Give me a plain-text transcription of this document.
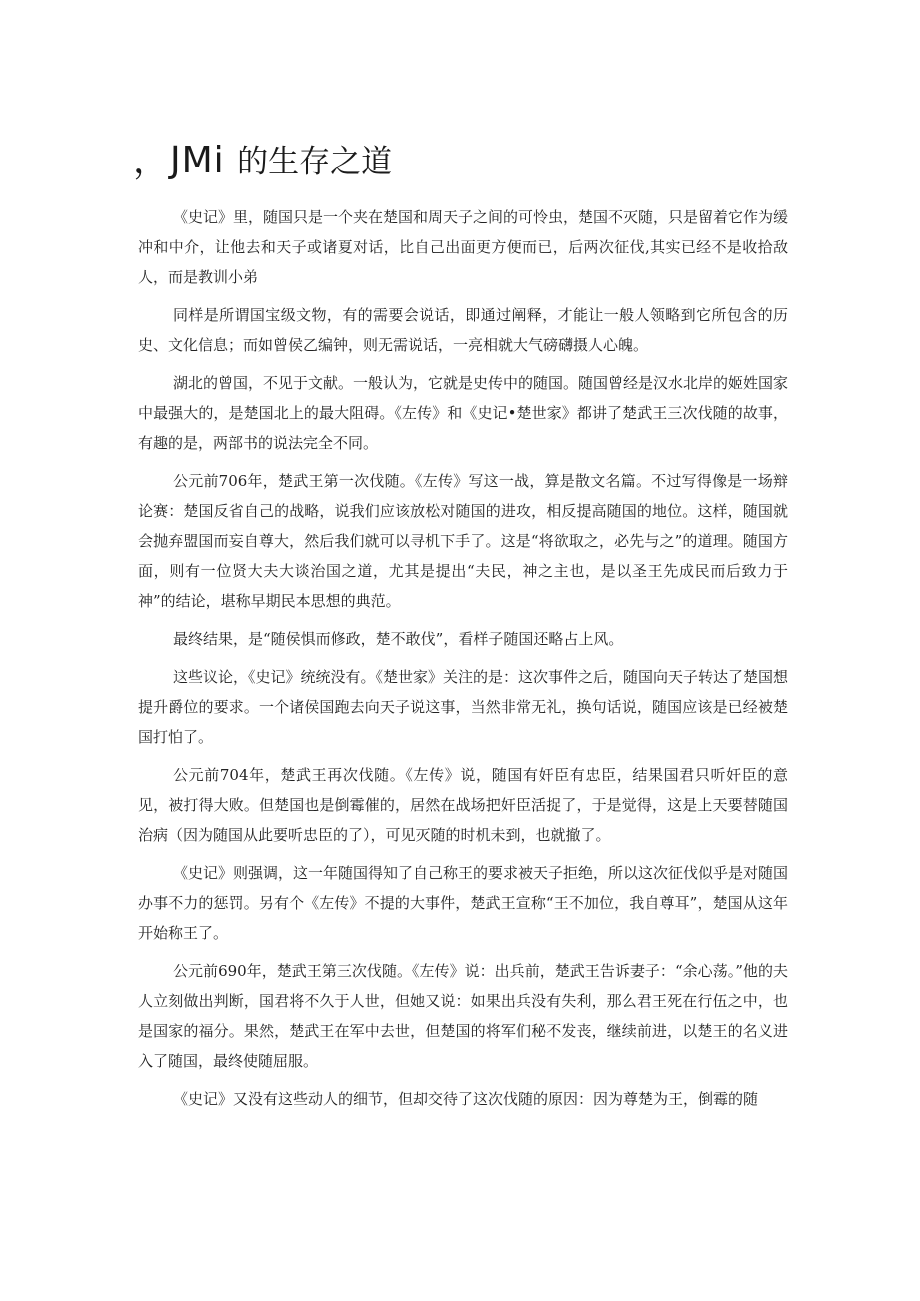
，JMi 的生存之道

《史记》里，随国只是一个夹在楚国和周天子之间的可怜虫，楚国不灭随，只是留着它作为缓冲和中介，让他去和天子或诸夏对话，比自己出面更方便而已，后两次征伐,其实已经不是收拾敌人，而是教训小弟

同样是所谓国宝级文物，有的需要会说话，即通过阐释，才能让一般人领略到它所包含的历史、文化信息；而如曾侯乙编钟，则无需说话，一亮相就大气磅礴摄人心魄。

湖北的曾国，不见于文献。一般认为，它就是史传中的随国。随国曾经是汉水北岸的姬姓国家中最强大的，是楚国北上的最大阻碍。《左传》和《史记•楚世家》都讲了楚武王三次伐随的故事，有趣的是，两部书的说法完全不同。

公元前706年，楚武王第一次伐随。《左传》写这一战，算是散文名篇。不过写得像是一场辩论赛：楚国反省自己的战略，说我们应该放松对随国的进攻，相反提高随国的地位。这样，随国就会抛弃盟国而妄自尊大，然后我们就可以寻机下手了。这是“将欲取之，必先与之”的道理。随国方面，则有一位贤大夫大谈治国之道，尤其是提出“夫民，神之主也，是以圣王先成民而后致力于神”的结论，堪称早期民本思想的典范。

最终结果，是“随侯惧而修政，楚不敢伐”，看样子随国还略占上风。

这些议论，《史记》统统没有。《楚世家》关注的是：这次事件之后，随国向天子转达了楚国想提升爵位的要求。一个诸侯国跑去向天子说这事，当然非常无礼，换句话说，随国应该是已经被楚国打怕了。

公元前704年，楚武王再次伐随。《左传》说，随国有奸臣有忠臣，结果国君只听奸臣的意见，被打得大败。但楚国也是倒霉催的，居然在战场把奸臣活捉了，于是觉得，这是上天要替随国治病（因为随国从此要听忠臣的了），可见灭随的时机未到，也就撤了。

《史记》则强调，这一年随国得知了自己称王的要求被天子拒绝，所以这次征伐似乎是对随国办事不力的惩罚。另有个《左传》不提的大事件，楚武王宣称“王不加位，我自尊耳”，楚国从这年开始称王了。

公元前690年，楚武王第三次伐随。《左传》说：出兵前，楚武王告诉妻子：“余心荡。”他的夫人立刻做出判断，国君将不久于人世，但她又说：如果出兵没有失利，那么君王死在行伍之中，也是国家的福分。果然，楚武王在军中去世，但楚国的将军们秘不发丧，继续前进，以楚王的名义进入了随国，最终使随屈服。

《史记》又没有这些动人的细节，但却交待了这次伐随的原因：因为尊楚为王，倒霉的随
